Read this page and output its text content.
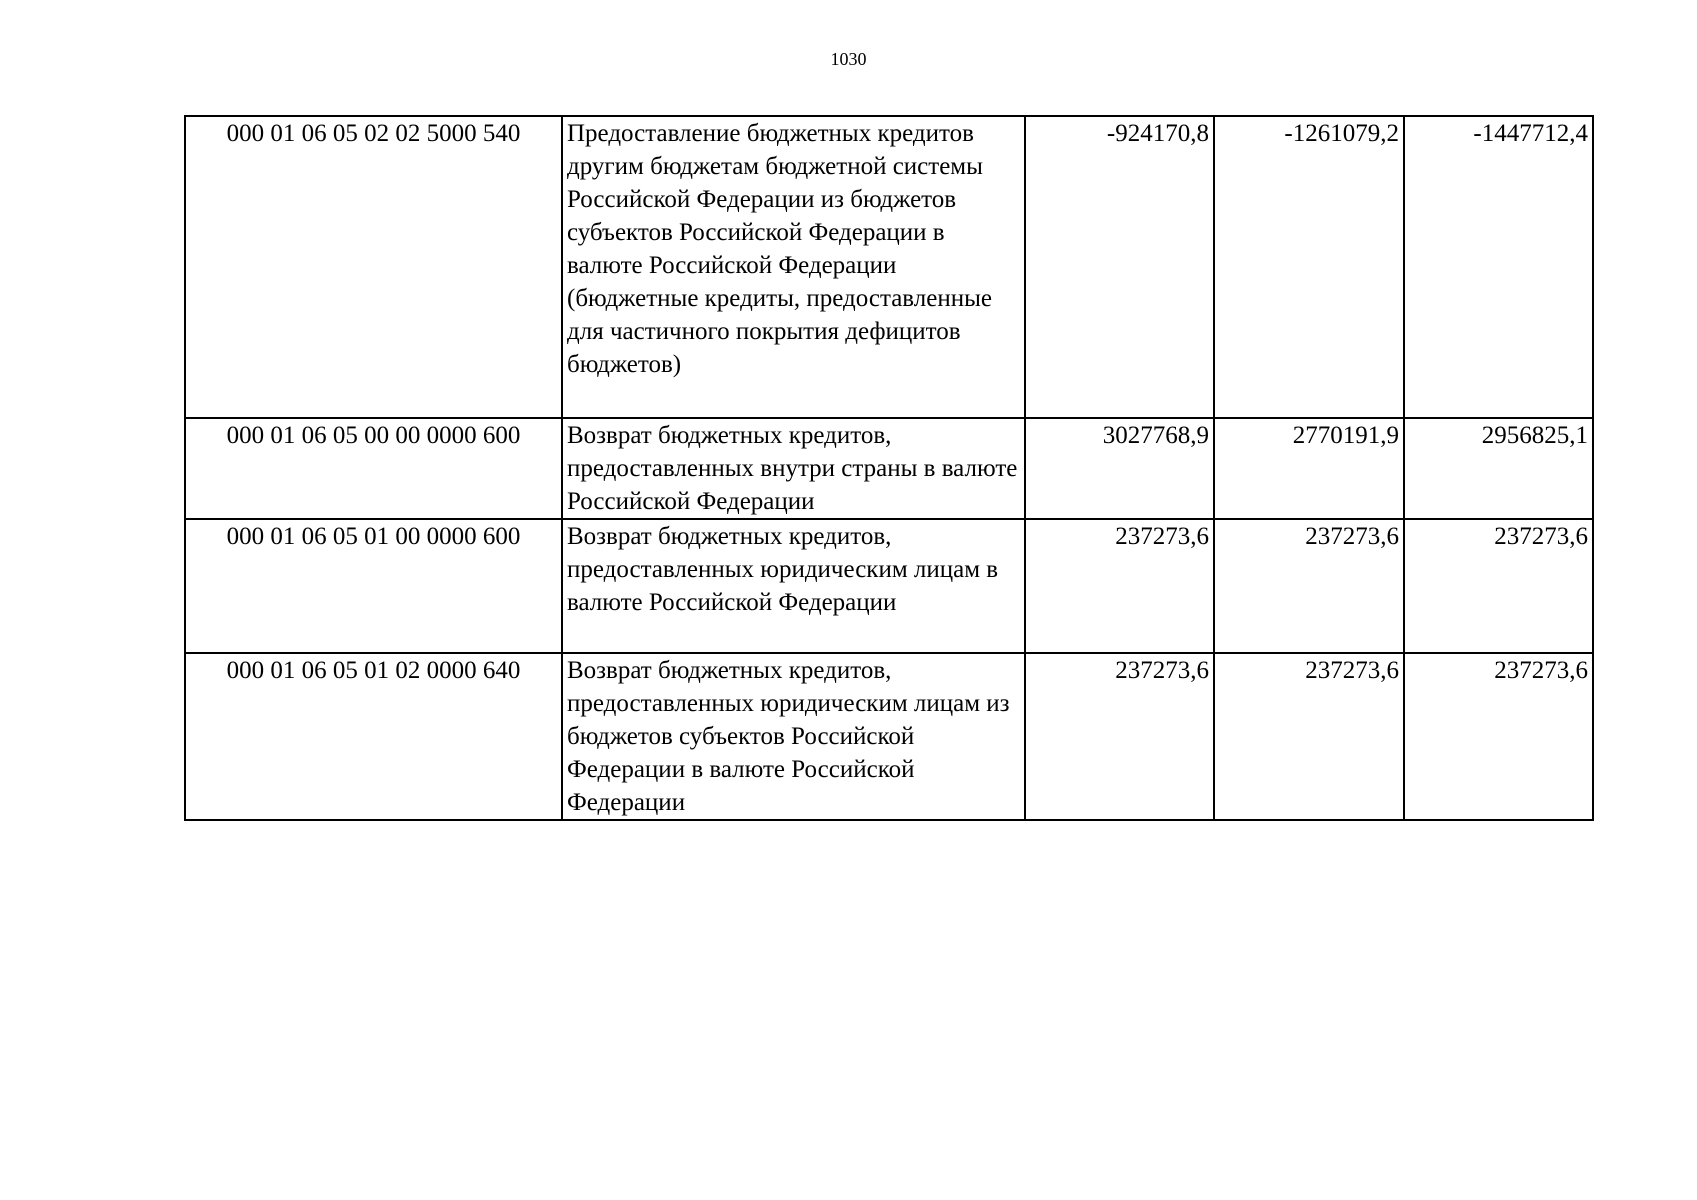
1030
000 01 06 05 02 02 5000 540	Предоставление бюджетных кредитов другим бюджетам бюджетной системы Российской Федерации из бюджетов субъектов Российской Федерации в валюте Российской Федерации (бюджетные кредиты, предоставленные для частичного покрытия дефицитов бюджетов)	-924170,8	-1261079,2	-1447712,4
000 01 06 05 00 00 0000 600	Возврат бюджетных кредитов, предоставленных внутри страны в валюте Российской Федерации	3027768,9	2770191,9	2956825,1
000 01 06 05 01 00 0000 600	Возврат бюджетных кредитов, предоставленных юридическим лицам в валюте Российской Федерации	237273,6	237273,6	237273,6
000 01 06 05 01 02 0000 640	Возврат бюджетных кредитов, предоставленных юридическим лицам из бюджетов субъектов Российской Федерации в валюте Российской Федерации	237273,6	237273,6	237273,6
